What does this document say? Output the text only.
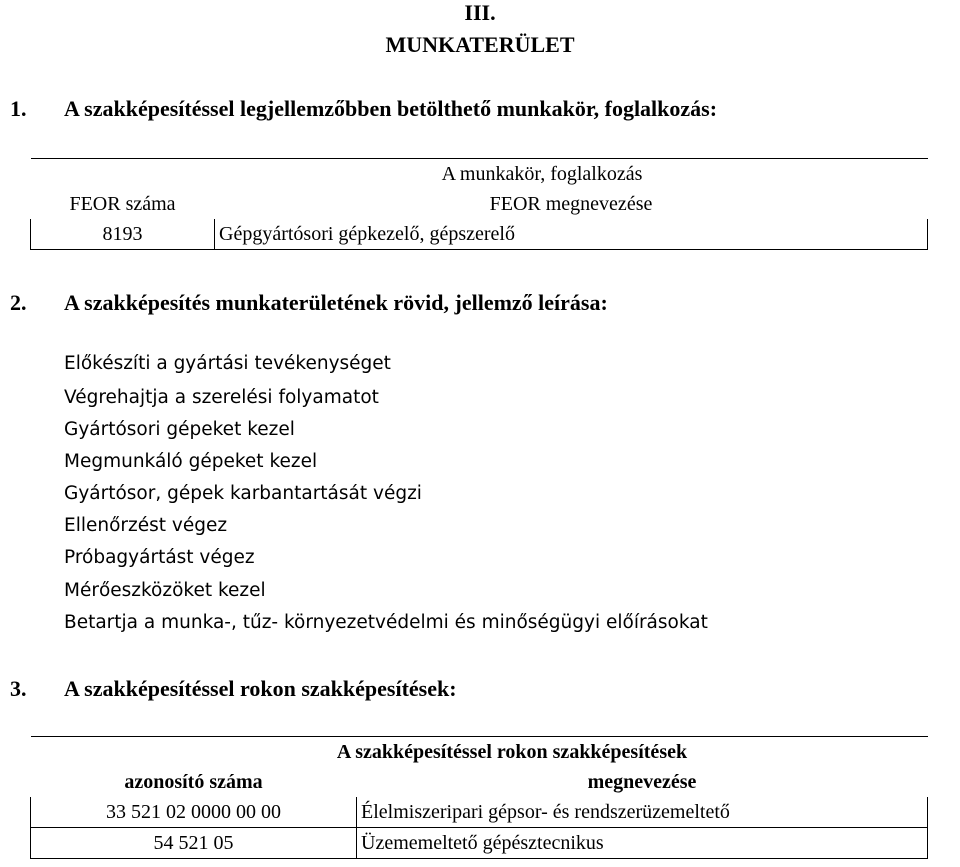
III.
MUNKATERÜLET
1. A szakképesítéssel legjellemzőbben betölthető munkakör, foglalkozás:
A munkakör, foglalkozás	
FEOR száma	FEOR megnevezése
8193	Gépgyártósori gépkezelő, gépszerelő
2. A szakképesítés munkaterületének rövid, jellemző leírása:
Előkészíti a gyártási tevékenységet
Végrehajtja a szerelési folyamatot
Gyártósori gépeket kezel
Megmunkáló gépeket kezel
Gyártósor, gépek karbantartását végzi
Ellenőrzést végez
Próbagyártást végez
Mérőeszközöket kezel
Betartja a munka-, tűz- környezetvédelmi és minőségügyi előírásokat
3. A szakképesítéssel rokon szakképesítések:
A szakképesítéssel rokon szakképesítések	
azonosító száma	megnevezése
33 521 02 0000 00 00	Élelmiszeripari gépsor- és rendszerüzemeltető
54 521 05	Üzememeltető gépésztecnikus
